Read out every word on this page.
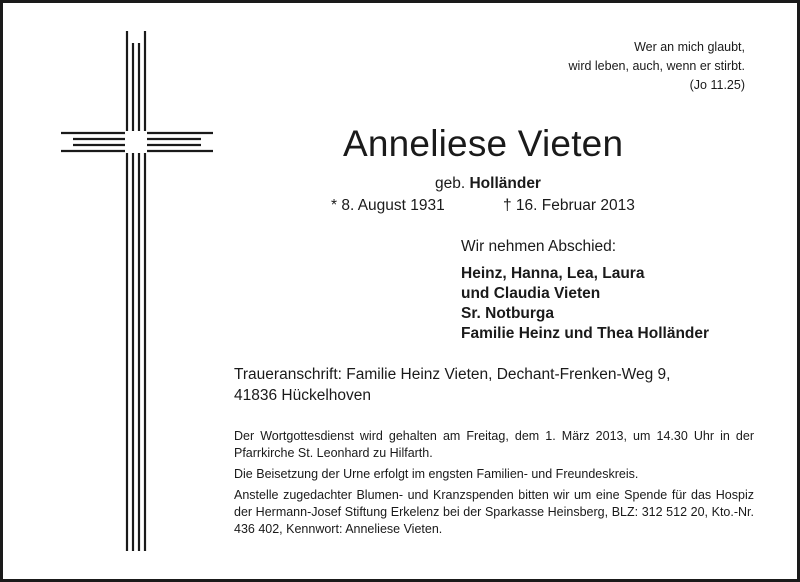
Wer an mich glaubt,
wird leben, auch, wenn er stirbt.
(Jo 11.25)
Anneliese Vieten
geb. Holländer
* 8. August 1931	† 16. Februar 2013
Wir nehmen Abschied:
Heinz, Hanna, Lea, Laura
und Claudia Vieten
Sr. Notburga
Familie Heinz und Thea Holländer
Traueranschrift: Familie Heinz Vieten, Dechant-Frenken-Weg 9,
41836 Hückelhoven

Der Wortgottesdienst wird gehalten am Freitag, dem 1. März 2013, um 14.30 Uhr in der Pfarrkirche St. Leonhard zu Hilfarth.

Die Beisetzung der Urne erfolgt im engsten Familien- und Freundeskreis.

Anstelle zugedachter Blumen- und Kranzspenden bitten wir um eine Spende für das Hospiz der Hermann-Josef Stiftung Erkelenz bei der Sparkasse Heinsberg, BLZ: 312 512 20, Kto.-Nr. 436 402, Kennwort: Anneliese Vieten.
